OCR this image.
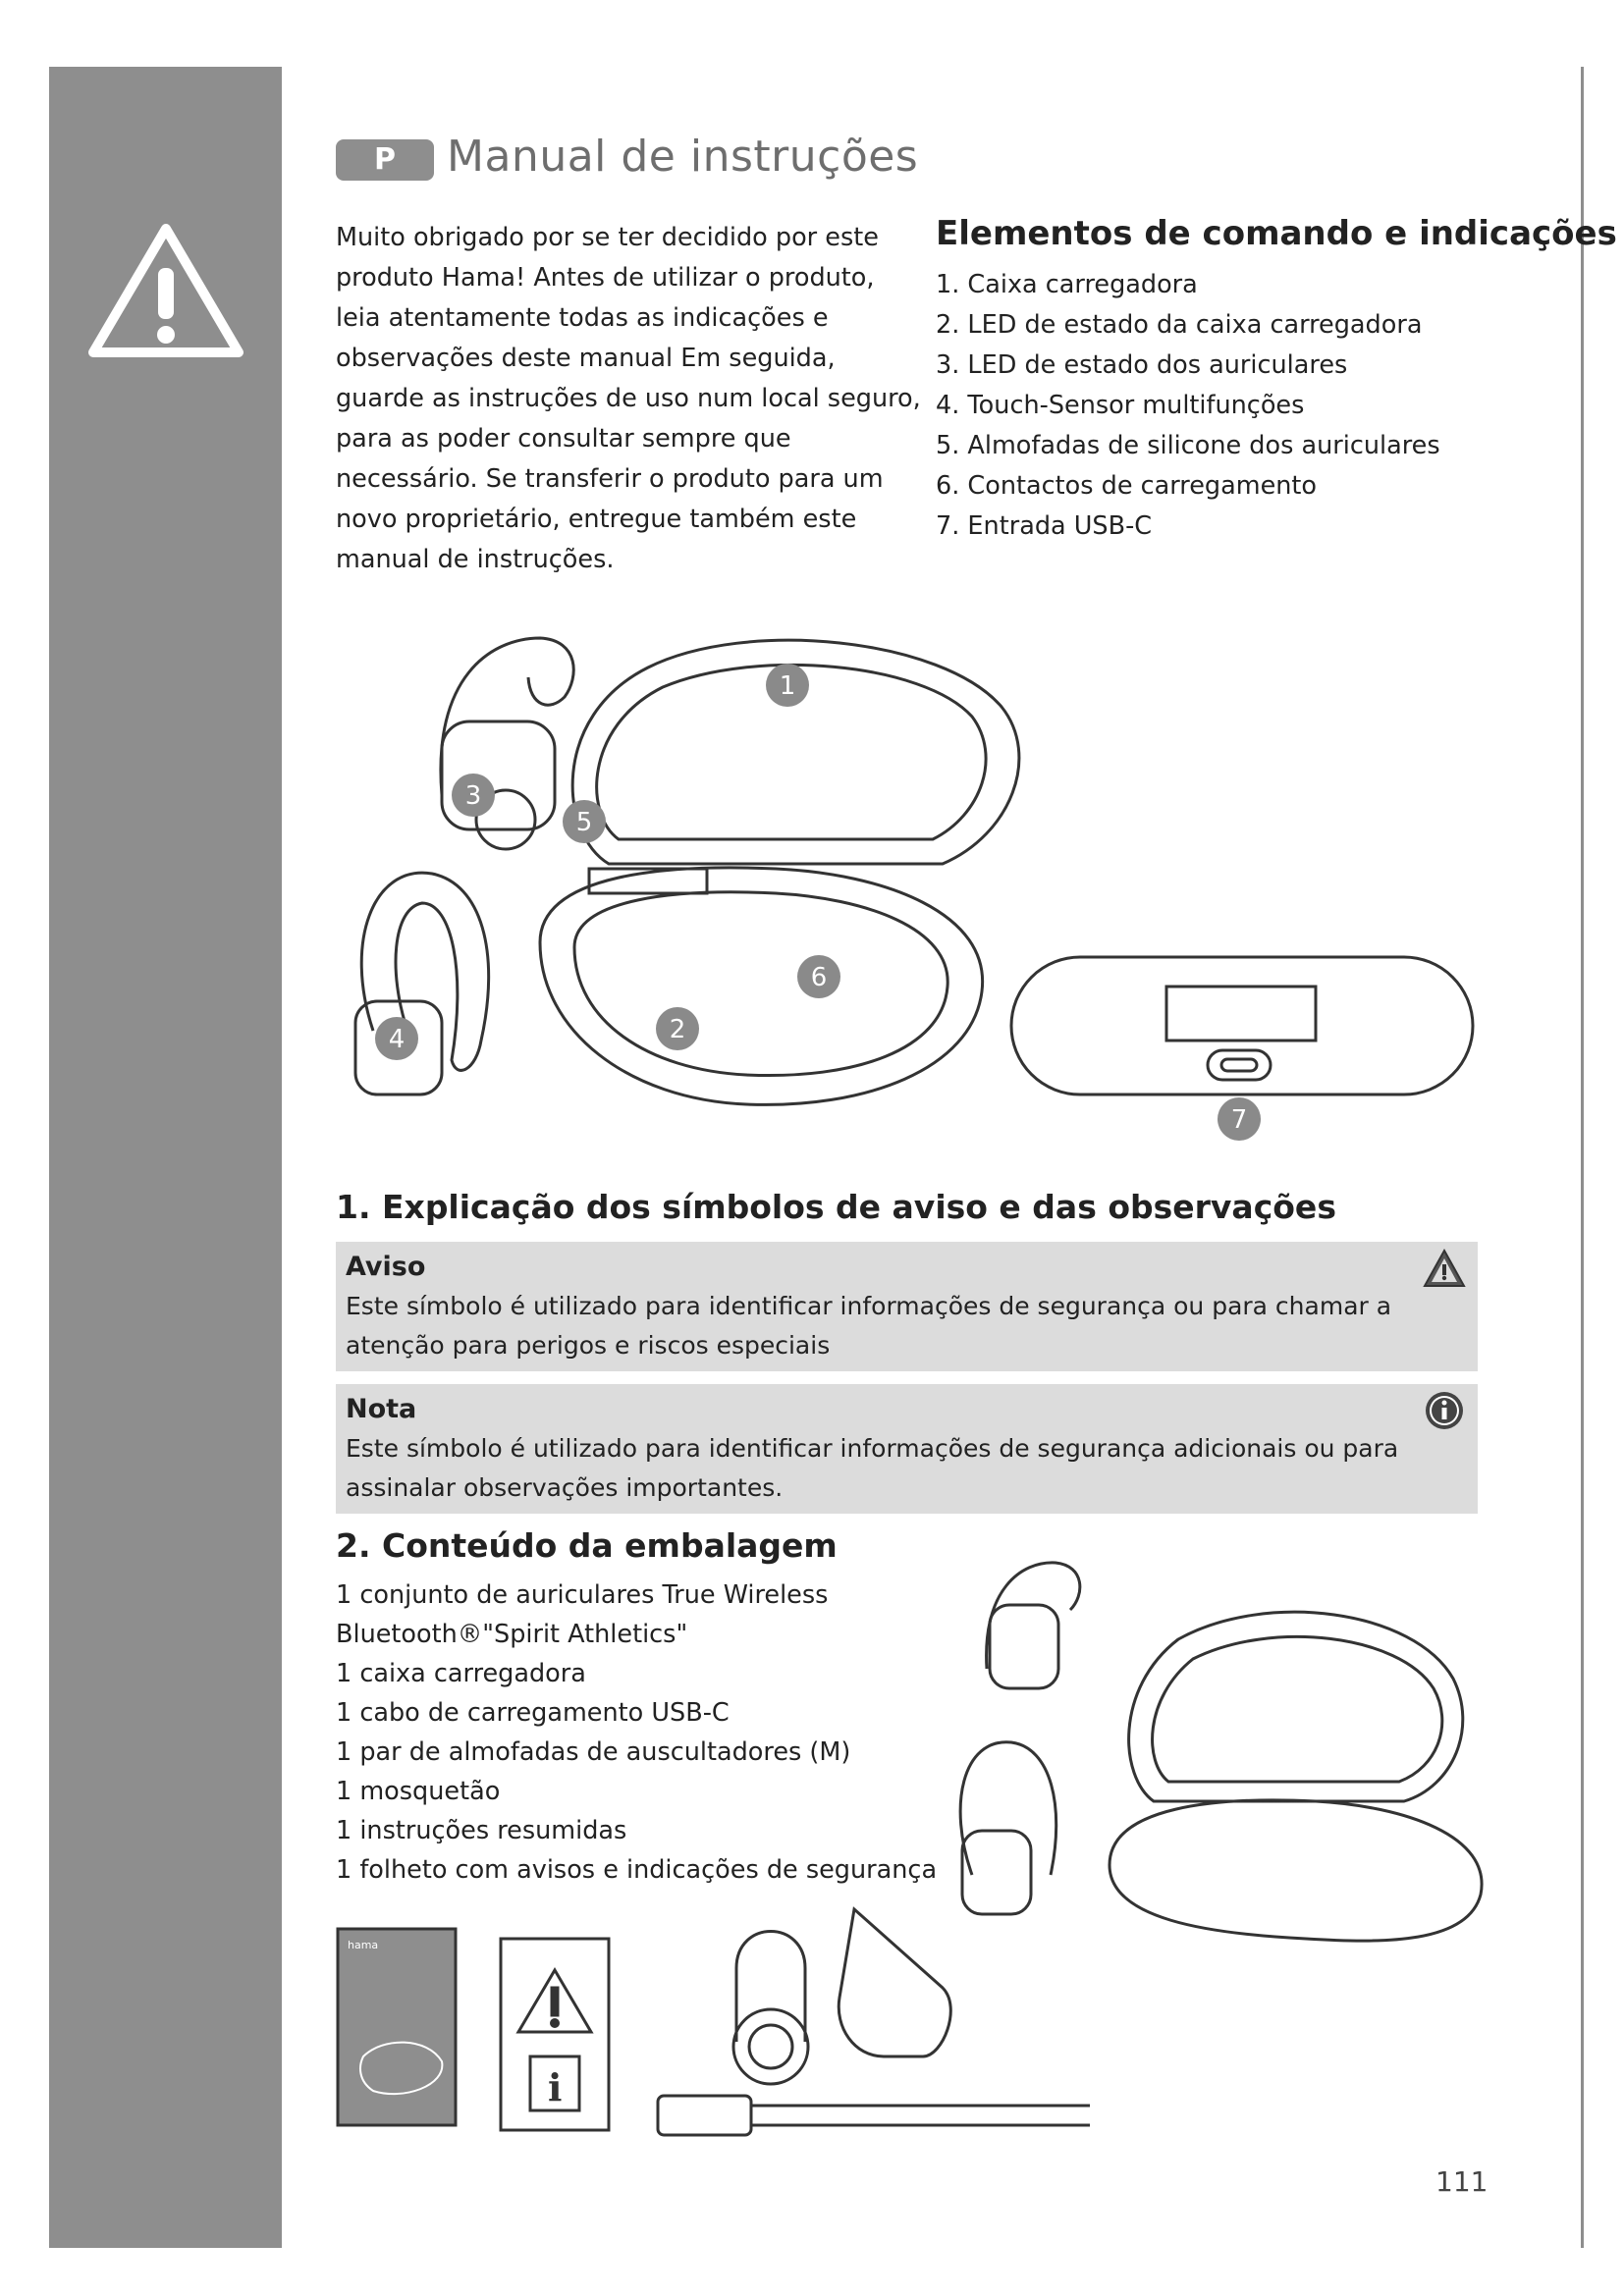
P	Manual de instruções
Muito obrigado por se ter decidido por este produto Hama! Antes de utilizar o produto, leia atentamente todas as indicações e observações deste manual Em seguida, guarde as instruções de uso num local seguro, para as poder consultar sempre que necessário. Se transferir o produto para um novo proprietário, entregue também este manual de instruções.
Elementos de comando e indicações
1. Caixa carregadora
2. LED de estado da caixa carregadora
3. LED de estado dos auriculares
4. Touch-Sensor multifunções
5. Almofadas de silicone dos auriculares
6. Contactos de carregamento
7. Entrada USB-C
1
2
3
4
5
6
7
1. Explicação dos símbolos de aviso e das observações
Aviso
Este símbolo é utilizado para identificar informações de segurança ou para chamar a atenção para perigos e riscos especiais
Nota
Este símbolo é utilizado para identificar informações de segurança adicionais ou para assinalar observações importantes.
2. Conteúdo da embalagem
1 conjunto de auriculares True Wireless Bluetooth®"Spirit Athletics"
1 caixa carregadora
1 cabo de carregamento USB-C
1 par de almofadas de auscultadores (M)
1 mosquetão
1 instruções resumidas
1 folheto com avisos e indicações de segurança
hama
i
111
